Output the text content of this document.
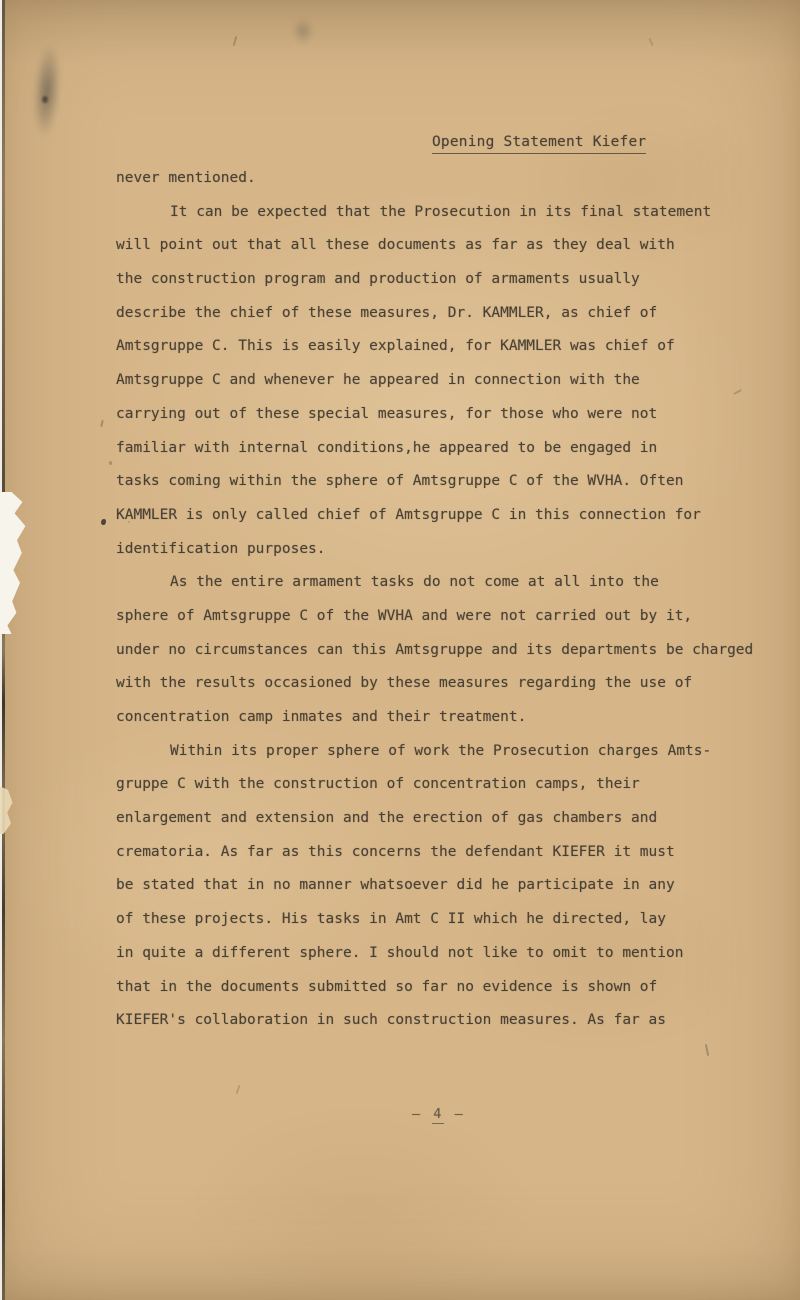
Opening Statement Kiefer
never mentioned.
It can be expected that the Prosecution in its final statement
will point out that all these documents as far as they deal with
the construction program and production of armaments usually
describe the chief of these measures, Dr. KAMMLER, as chief of
Amtsgruppe C. This is easily explained, for KAMMLER was chief of
Amtsgruppe C and whenever he appeared in connection with the
carrying out of these special measures, for those who were not
familiar with internal conditions,he appeared to be engaged in
tasks coming within the sphere of Amtsgruppe C of the WVHA. Often
KAMMLER is only called chief of Amtsgruppe C in this connection for
identification purposes.
As the entire armament tasks do not come at all into the
sphere of Amtsgruppe C of the WVHA and were not carried out by it,
under no circumstances can this Amtsgruppe and its departments be charged
with the results occasioned by these measures regarding the use of
concentration camp inmates and their treatment.
Within its proper sphere of work the Prosecution charges Amts-
gruppe C with the construction of concentration camps, their
enlargement and extension and the erection of gas chambers and
crematoria. As far as this concerns the defendant KIEFER it must
be stated that in no manner whatsoever did he participate in any
of these projects. His tasks in Amt C II which he directed, lay
in quite a different sphere. I should not like to omit to mention
that in the documents submitted so far no evidence is shown of
KIEFER's collaboration in such construction measures. As far as
— 4 —
